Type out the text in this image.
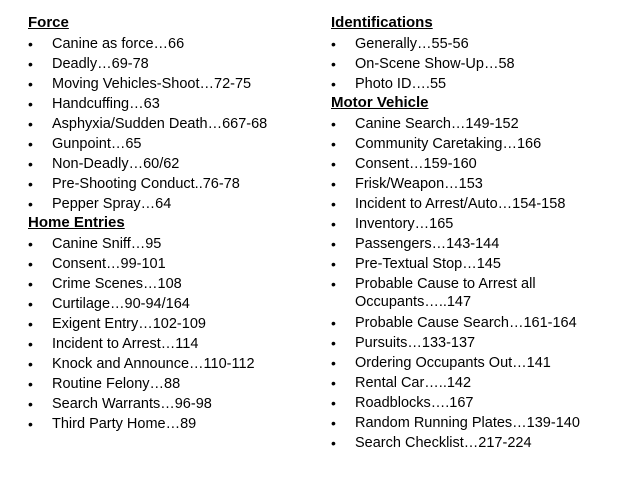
Force
•	Canine as force…66
•	Deadly…69-78
•	Moving Vehicles-Shoot…72-75
•	Handcuffing…63
•	Asphyxia/Sudden Death…667-68
•	Gunpoint…65
•	Non-Deadly…60/62
•	Pre-Shooting Conduct..76-78
•	Pepper Spray…64
Home Entries
•	Canine Sniff…95
•	Consent…99-101
•	Crime Scenes…108
•	Curtilage…90-94/164
•	Exigent Entry…102-109
•	Incident to Arrest…114
•	Knock and Announce…110-112
•	Routine Felony…88
•	Search Warrants…96-98
•	Third Party Home…89
Identifications
•	Generally…55-56
•	On-Scene Show-Up…58
•	Photo ID….55
Motor Vehicle
•	Canine Search…149-152
•	Community Caretaking…166
•	Consent…159-160
•	Frisk/Weapon…153
•	Incident to Arrest/Auto…154-158
•	Inventory…165
•	Passengers…143-144
•	Pre-Textual Stop…145
•	Probable Cause to Arrest all Occupants…..147
•	Probable Cause Search…161-164
•	Pursuits…133-137
•	Ordering Occupants Out…141
•	Rental Car…..142
•	Roadblocks….167
•	Random Running Plates…139-140
•	Search Checklist…217-224
